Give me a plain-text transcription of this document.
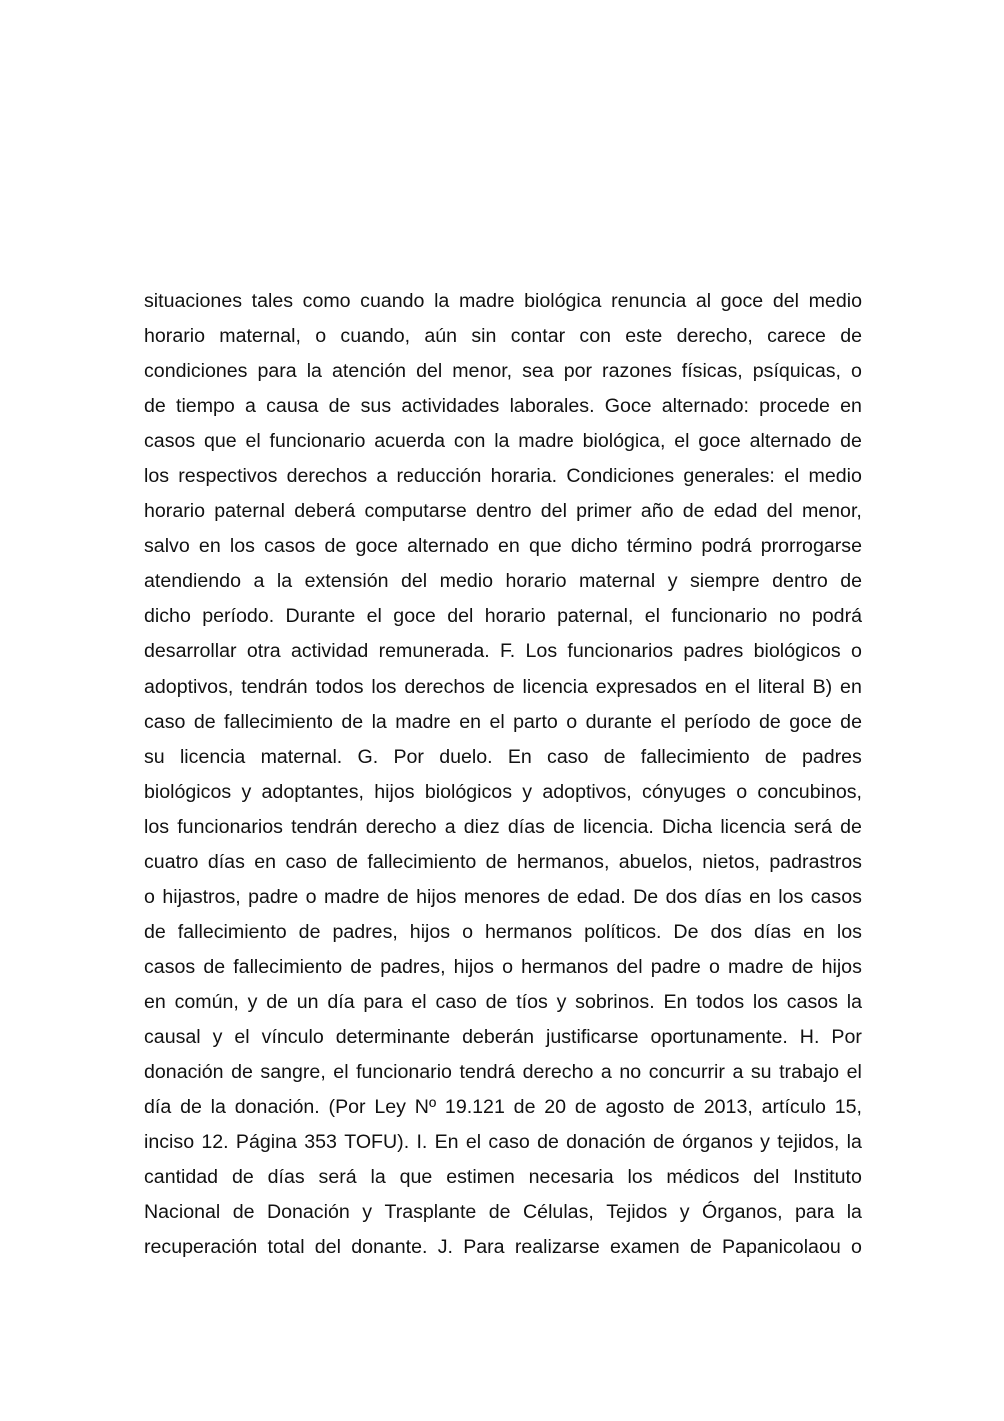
situaciones tales como cuando la madre biológica renuncia al goce del medio
horario maternal, o cuando, aún sin contar con este derecho, carece de
condiciones para la atención del menor, sea por razones físicas, psíquicas, o
de tiempo a causa de sus actividades laborales. Goce alternado: procede en
casos que el funcionario acuerda con la madre biológica, el goce alternado de
los respectivos derechos a reducción horaria. Condiciones generales: el medio
horario paternal deberá computarse dentro del primer año de edad del menor,
salvo en los casos de goce alternado en que dicho término podrá prorrogarse
atendiendo a la extensión del medio horario maternal y siempre dentro de
dicho período. Durante el goce del horario paternal, el funcionario no podrá
desarrollar otra actividad remunerada. F. Los funcionarios padres biológicos o
adoptivos, tendrán todos los derechos de licencia expresados en el literal B) en
caso de fallecimiento de la madre en el parto o durante el período de goce de
su licencia maternal. G. Por duelo. En caso de fallecimiento de padres
biológicos y adoptantes, hijos biológicos y adoptivos, cónyuges o concubinos,
los funcionarios tendrán derecho a diez días de licencia. Dicha licencia será de
cuatro días en caso de fallecimiento de hermanos, abuelos, nietos, padrastros
o hijastros, padre o madre de hijos menores de edad. De dos días en los casos
de fallecimiento de padres, hijos o hermanos políticos. De dos días en los
casos de fallecimiento de padres, hijos o hermanos del padre o madre de hijos
en común, y de un día para el caso de tíos y sobrinos. En todos los casos la
causal y el vínculo determinante deberán justificarse oportunamente. H. Por
donación de sangre, el funcionario tendrá derecho a no concurrir a su trabajo el
día de la donación. (Por Ley Nº 19.121 de 20 de agosto de 2013, artículo 15,
inciso 12. Página 353 TOFU). I. En el caso de donación de órganos y tejidos, la
cantidad de días será la que estimen necesaria los médicos del Instituto
Nacional de Donación y Trasplante de Células, Tejidos y Órganos, para la
recuperación total del donante. J. Para realizarse examen de Papanicolaou o
